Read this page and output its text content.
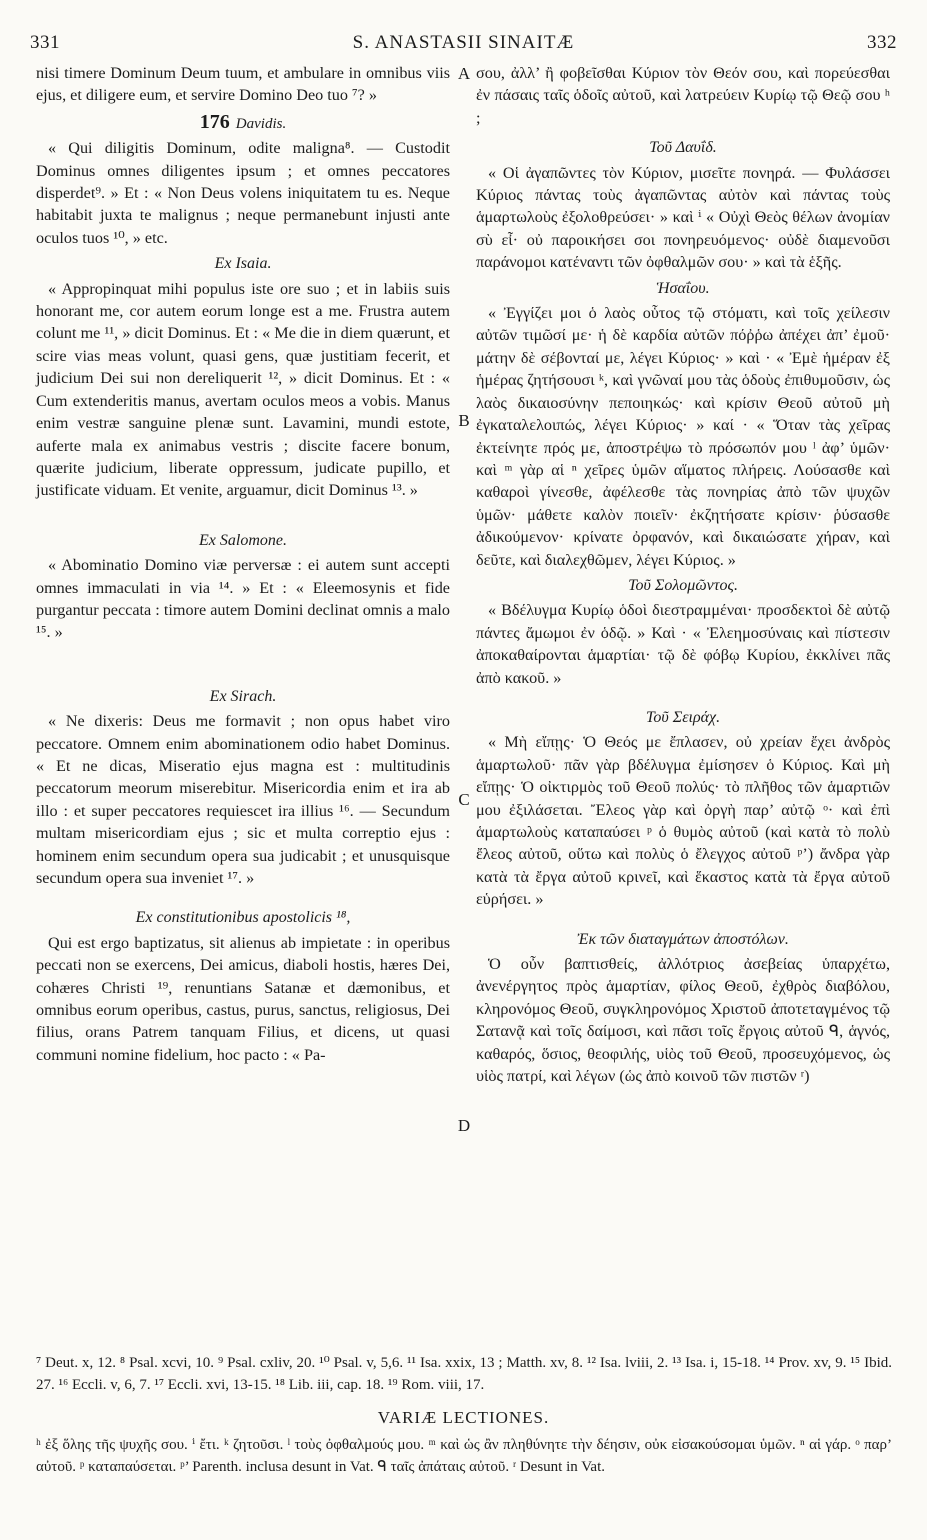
331	S. ANASTASII SINAITÆ	332
A
B
C
D

nisi timere Dominum Deum tuum, et ambulare in omnibus viis ejus, et diligere eum, et servire Domino Deo tuo ⁷? »

176 Davidis.

« Qui diligitis Dominum, odite maligna⁸. — Custodit Dominus omnes diligentes ipsum ; et omnes peccatores disperdet⁹. » Et : « Non Deus volens iniquitatem tu es. Neque habitabit juxta te malignus ; neque permanebunt injusti ante oculos tuos ¹⁰, » etc.

Ex Isaia.

« Appropinquat mihi populus iste ore suo ; et in labiis suis honorant me, cor autem eorum longe est a me. Frustra autem colunt me ¹¹, » dicit Dominus. Et : « Me die in diem quærunt, et scire vias meas volunt, quasi gens, quæ justitiam fecerit, et judicium Dei sui non dereliquerit ¹², » dicit Dominus. Et : « Cum extenderitis manus, avertam oculos meos a vobis. Manus enim vestræ sanguine plenæ sunt. Lavamini, mundi estote, auferte mala ex animabus vestris ; discite facere bonum, quærite judicium, liberate oppressum, judicate pupillo, et justificate viduam. Et venite, arguamur, dicit Dominus ¹³. »

Ex Salomone.

« Abominatio Domino viæ perversæ : ei autem sunt accepti omnes immaculati in via ¹⁴. » Et : « Eleemosynis et fide purgantur peccata : timore autem Domini declinat omnis a malo ¹⁵. »

Ex Sirach.

« Ne dixeris: Deus me formavit ; non opus habet viro peccatore. Omnem enim abominationem odio habet Dominus. « Et ne dicas, Miseratio ejus magna est : multitudinis peccatorum meorum miserebitur. Misericordia enim et ira ab illo : et super peccatores requiescet ira illius ¹⁶. — Secundum multam misericordiam ejus ; sic et multa correptio ejus : hominem enim secundum opera sua judicabit ; et unusquisque secundum opera sua inveniet ¹⁷. »

Ex constitutionibus apostolicis ¹⁸,

Qui est ergo baptizatus, sit alienus ab impietate : in operibus peccati non se exercens, Dei amicus, diaboli hostis, hæres Dei, cohæres Christi ¹⁹, renuntians Satanæ et dæmonibus, et omnibus eorum operibus, castus, purus, sanctus, religiosus, Dei filius, orans Patrem tanquam Filius, et dicens, ut quasi communi nomine fidelium, hoc pacto : « Pa-

σου, ἀλλ’ ἢ φοβεῖσθαι Κύριον τὸν Θεόν σου, καὶ πορεύεσθαι ἐν πάσαις ταῖς ὁδοῖς αὐτοῦ, καὶ λατρεύειν Κυρίῳ τῷ Θεῷ σου ʰ ;

Τοῦ Δαυΐδ.

« Οἱ ἀγαπῶντες τὸν Κύριον, μισεῖτε πονηρά. — Φυλάσσει Κύριος πάντας τοὺς ἀγαπῶντας αὐτὸν καὶ πάντας τοὺς ἁμαρτωλοὺς ἐξολοθρεύσει· » καὶ ⁱ « Οὐχὶ Θεὸς θέλων ἀνομίαν σὺ εἶ· οὐ παροικήσει σοι πονηρευόμενος· οὐδὲ διαμενοῦσι παράνομοι κατέναντι τῶν ὀφθαλμῶν σου· » καὶ τὰ ἑξῆς.

Ἡσαΐου.

« Ἐγγίζει μοι ὁ λαὸς οὗτος τῷ στόματι, καὶ τοῖς χείλεσιν αὐτῶν τιμῶσί με· ἡ δὲ καρδία αὐτῶν πόῤῥω ἀπέχει ἀπ’ ἐμοῦ· μάτην δὲ σέβονταί με, λέγει Κύριος· » καὶ · « Ἐμὲ ἡμέραν ἐξ ἡμέρας ζητήσουσι ᵏ, καὶ γνῶναί μου τὰς ὁδοὺς ἐπιθυμοῦσιν, ὡς λαὸς δικαιοσύνην πεποιηκώς· καὶ κρίσιν Θεοῦ αὐτοῦ μὴ ἐγκαταλελοιπώς, λέγει Κύριος· » καί · « Ὅταν τὰς χεῖρας ἐκτείνητε πρός με, ἀποστρέψω τὸ πρόσωπόν μου ˡ ἀφ’ ὑμῶν· καὶ ᵐ γὰρ αἱ ⁿ χεῖρες ὑμῶν αἵματος πλήρεις. Λούσασθε καὶ καθαροὶ γίνεσθε, ἀφέλεσθε τὰς πονηρίας ἀπὸ τῶν ψυχῶν ὑμῶν· μάθετε καλὸν ποιεῖν· ἐκζητήσατε κρίσιν· ῥύσασθε ἀδικούμενον· κρίνατε ὀρφανόν, καὶ δικαιώσατε χήραν, καὶ δεῦτε, καὶ διαλεχθῶμεν, λέγει Κύριος. »

Τοῦ Σολομῶντος.

« Βδέλυγμα Κυρίῳ ὁδοὶ διεστραμμέναι· προσδεκτοὶ δὲ αὐτῷ πάντες ἄμωμοι ἐν ὁδῷ. » Καὶ · « Ἐλεημοσύναις καὶ πίστεσιν ἀποκαθαίρονται ἁμαρτίαι· τῷ δὲ φόβῳ Κυρίου, ἐκκλίνει πᾶς ἀπὸ κακοῦ. »

Τοῦ Σειράχ.

« Μὴ εἴπῃς· Ὁ Θεός με ἔπλασεν, οὐ χρείαν ἔχει ἀνδρὸς ἁμαρτωλοῦ· πᾶν γὰρ βδέλυγμα ἐμίσησεν ὁ Κύριος. Καὶ μὴ εἴπῃς· Ὁ οἰκτιρμὸς τοῦ Θεοῦ πολύς· τὸ πλῆθος τῶν ἁμαρτιῶν μου ἐξιλάσεται. Ἔλεος γὰρ καὶ ὀργὴ παρ’ αὐτῷ ᵒ· καὶ ἐπὶ ἁμαρτωλοὺς καταπαύσει ᵖ ὁ θυμὸς αὐτοῦ (καὶ κατὰ τὸ πολὺ ἔλεος αὐτοῦ, οὕτω καὶ πολὺς ὁ ἔλεγχος αὐτοῦ ᵖ’) ἄνδρα γὰρ κατὰ τὰ ἔργα αὐτοῦ κρινεῖ, καὶ ἕκαστος κατὰ τὰ ἔργα αὐτοῦ εὑρήσει. »

Ἐκ τῶν διαταγμάτων ἀποστόλων.

Ὁ οὖν βαπτισθείς, ἀλλότριος ἀσεβείας ὑπαρχέτω, ἀνενέργητος πρὸς ἁμαρτίαν, φίλος Θεοῦ, ἐχθρὸς διαβόλου, κληρονόμος Θεοῦ, συγκληρονόμος Χριστοῦ ἀποτεταγμένος τῷ Σατανᾷ καὶ τοῖς δαίμοσι, καὶ πᾶσι τοῖς ἔργοις αὐτοῦ ᑫ, ἁγνός, καθαρός, ὅσιος, θεοφιλής, υἱὸς τοῦ Θεοῦ, προσευχόμενος, ὡς υἱὸς πατρί, καὶ λέγων (ὡς ἀπὸ κοινοῦ τῶν πιστῶν ʳ)

⁷ Deut. x, 12. ⁸ Psal. xcvi, 10. ⁹ Psal. cxliv, 20. ¹⁰ Psal. v, 5,6. ¹¹ Isa. xxix, 13 ; Matth. xv, 8. ¹² Isa. lviii, 2. ¹³ Isa. i, 15-18. ¹⁴ Prov. xv, 9. ¹⁵ Ibid. 27. ¹⁶ Eccli. v, 6, 7. ¹⁷ Eccli. xvi, 13-15. ¹⁸ Lib. iii, cap. 18. ¹⁹ Rom. viii, 17.
VARIÆ LECTIONES.
ʰ ἐξ ὅλης τῆς ψυχῆς σου. ⁱ ἔτι. ᵏ ζητοῦσι. ˡ τοὺς ὀφθαλμούς μου. ᵐ καὶ ὡς ἂν πληθύνητε τὴν δέησιν, οὐκ εἰσακούσομαι ὑμῶν. ⁿ αἱ γάρ. ᵒ παρ’ αὐτοῦ. ᵖ καταπαύσεται. ᵖ’ Parenth. inclusa desunt in Vat. ᑫ ταῖς ἀπάταις αὐτοῦ. ʳ Desunt in Vat.
